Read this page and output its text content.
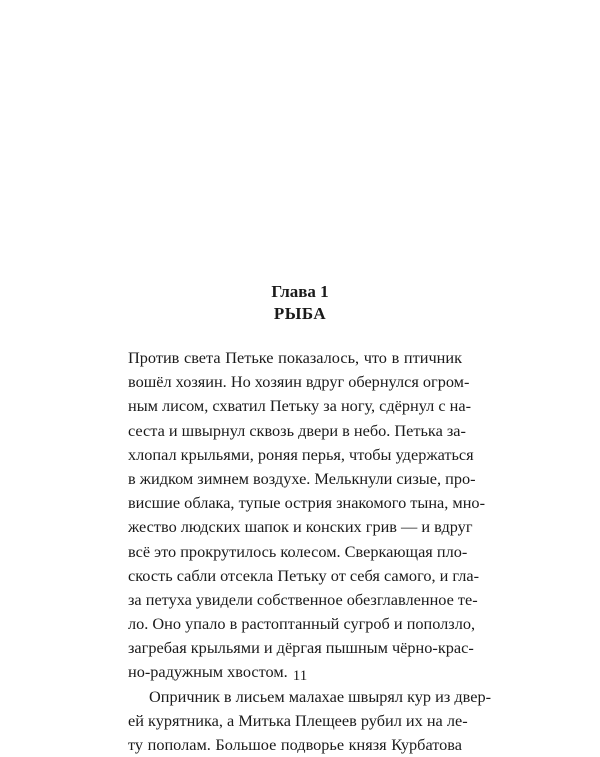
Глава 1
РЫБА
Против света Петьке показалось, что в птичник
вошёл хозяин. Но хозяин вдруг обернулся огром-
ным лисом, схватил Петьку за ногу, сдёрнул с на-
сеста и швырнул сквозь двери в небо. Петька за-
хлопал крыльями, роняя перья, чтобы удержаться
в жидком зимнем воздухе. Мелькнули сизые, про-
висшие облака, тупые острия знакомого тына, мно-
жество людских шапок и конских грив — и вдруг
всё это прокрутилось колесом. Сверкающая пло-
скость сабли отсекла Петьку от себя самого, и гла-
за петуха увидели собственное обезглавленное те-
ло. Оно упало в растоптанный сугроб и поползло,
загребая крыльями и дёргая пышным чёрно-крас-
но-радужным хвостом.
Опричник в лисьем малахае швырял кур из двер-
ей курятника, а Митька Плещеев рубил их на ле-
ту пополам. Большое подворье князя Курбатова
11
